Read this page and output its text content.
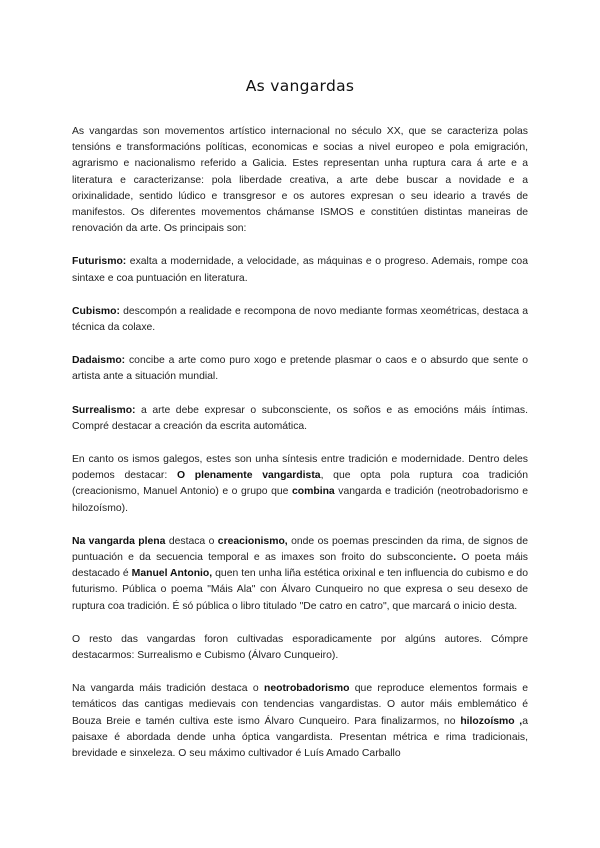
As vangardas

As vangardas son movementos artístico internacional no século XX, que se caracteriza polas tensións e transformacións políticas, economicas e socias a nivel europeo e pola emigración, agrarismo e nacionalismo referido a Galicia. Estes representan unha ruptura cara á arte e a literatura e caracterizanse: pola liberdade creativa, a arte debe buscar a novidade e a orixinalidade, sentido lúdico e transgresor e os autores expresan o seu ideario a través de manifestos. Os diferentes movementos chámanse ISMOS e constitúen distintas maneiras de renovación da arte. Os principais son:

Futurismo: exalta a modernidade, a velocidade, as máquinas e o progreso. Ademais, rompe coa sintaxe e coa puntuación en literatura.

Cubismo: descompón a realidade e recompona de novo mediante formas xeométricas, destaca a técnica da colaxe.

Dadaismo: concibe a arte como puro xogo e pretende plasmar o caos e o absurdo que sente o artista ante a situación mundial.

Surrealismo: a arte debe expresar o subconsciente, os soños e as emocións máis íntimas. Compré destacar a creación da escrita automática.

En canto os ismos galegos, estes son unha síntesis entre tradición e modernidade. Dentro deles podemos destacar: O plenamente vangardista, que opta pola ruptura coa tradición (creacionismo, Manuel Antonio) e o grupo que combina vangarda e tradición (neotrobadorismo e hilozoísmo).

Na vangarda plena destaca o creacionismo, onde os poemas prescinden da rima, de signos de puntuación e da secuencia temporal e as imaxes son froito do subsconciente. O poeta máis destacado é Manuel Antonio, quen ten unha liña estética orixinal e ten influencia do cubismo e do futurismo. Pública o poema "Máis Ala" con Álvaro Cunqueiro no que expresa o seu desexo de ruptura coa tradición. É só pública o libro titulado "De catro en catro", que marcará o inicio desta.

O resto das vangardas foron cultivadas esporadicamente por algúns autores. Cómpre destacarmos: Surrealismo e Cubismo (Álvaro Cunqueiro).

Na vangarda máis tradición destaca o neotrobadorismo que reproduce elementos formais e temáticos das cantigas medievais con tendencias vangardistas. O autor máis emblemático é Bouza Breie e tamén cultiva este ismo Álvaro Cunqueiro. Para finalizarmos, no hilozoísmo ,a paisaxe é abordada dende unha óptica vangardista. Presentan métrica e rima tradicionais, brevidade e sinxeleza. O seu máximo cultivador é Luís Amado Carballo
